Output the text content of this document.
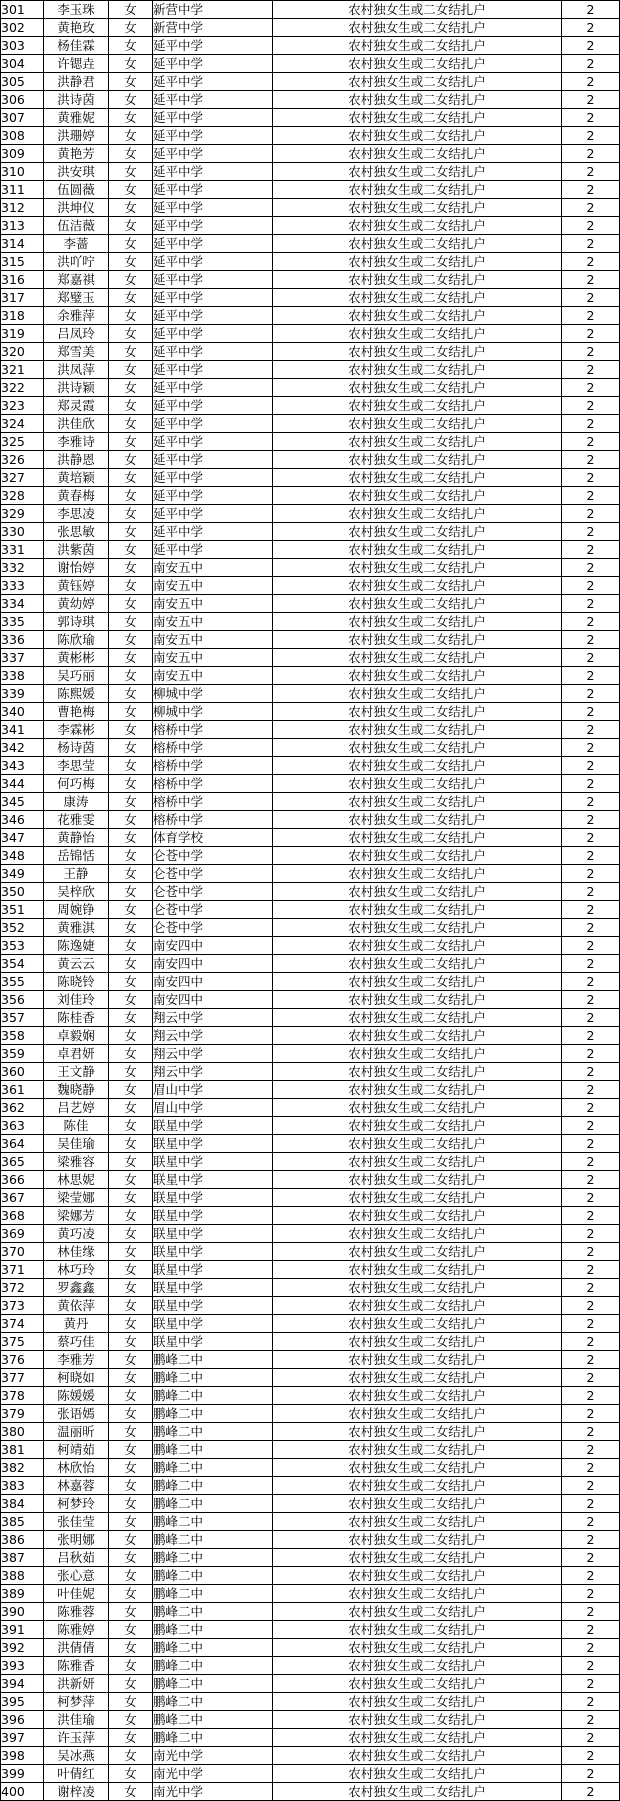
301	李玉珠	女	新营中学	农村独女生或二女结扎户	2
302	黄艳玫	女	新营中学	农村独女生或二女结扎户	2
303	杨佳霖	女	延平中学	农村独女生或二女结扎户	2
304	许锶垚	女	延平中学	农村独女生或二女结扎户	2
305	洪静君	女	延平中学	农村独女生或二女结扎户	2
306	洪诗茵	女	延平中学	农村独女生或二女结扎户	2
307	黄雅妮	女	延平中学	农村独女生或二女结扎户	2
308	洪珊婷	女	延平中学	农村独女生或二女结扎户	2
309	黄艳芳	女	延平中学	农村独女生或二女结扎户	2
310	洪安琪	女	延平中学	农村独女生或二女结扎户	2
311	伍圆薇	女	延平中学	农村独女生或二女结扎户	2
312	洪坤仪	女	延平中学	农村独女生或二女结扎户	2
313	伍洁薇	女	延平中学	农村独女生或二女结扎户	2
314	李蔷	女	延平中学	农村独女生或二女结扎户	2
315	洪吖咛	女	延平中学	农村独女生或二女结扎户	2
316	郑嘉祺	女	延平中学	农村独女生或二女结扎户	2
317	郑璧玉	女	延平中学	农村独女生或二女结扎户	2
318	余雅萍	女	延平中学	农村独女生或二女结扎户	2
319	吕凤玲	女	延平中学	农村独女生或二女结扎户	2
320	郑雪美	女	延平中学	农村独女生或二女结扎户	2
321	洪凤萍	女	延平中学	农村独女生或二女结扎户	2
322	洪诗颖	女	延平中学	农村独女生或二女结扎户	2
323	郑灵霞	女	延平中学	农村独女生或二女结扎户	2
324	洪佳欣	女	延平中学	农村独女生或二女结扎户	2
325	李雅诗	女	延平中学	农村独女生或二女结扎户	2
326	洪静恩	女	延平中学	农村独女生或二女结扎户	2
327	黄培颖	女	延平中学	农村独女生或二女结扎户	2
328	黄春梅	女	延平中学	农村独女生或二女结扎户	2
329	李思凌	女	延平中学	农村独女生或二女结扎户	2
330	张思敏	女	延平中学	农村独女生或二女结扎户	2
331	洪紫茵	女	延平中学	农村独女生或二女结扎户	2
332	谢怡婷	女	南安五中	农村独女生或二女结扎户	2
333	黄钰婷	女	南安五中	农村独女生或二女结扎户	2
334	黄幼婷	女	南安五中	农村独女生或二女结扎户	2
335	郭诗琪	女	南安五中	农村独女生或二女结扎户	2
336	陈欣瑜	女	南安五中	农村独女生或二女结扎户	2
337	黄彬彬	女	南安五中	农村独女生或二女结扎户	2
338	吴巧丽	女	南安五中	农村独女生或二女结扎户	2
339	陈熙媛	女	柳城中学	农村独女生或二女结扎户	2
340	曹艳梅	女	柳城中学	农村独女生或二女结扎户	2
341	李霖彬	女	榕桥中学	农村独女生或二女结扎户	2
342	杨诗茵	女	榕桥中学	农村独女生或二女结扎户	2
343	李思莹	女	榕桥中学	农村独女生或二女结扎户	2
344	何巧梅	女	榕桥中学	农村独女生或二女结扎户	2
345	康涛	女	榕桥中学	农村独女生或二女结扎户	2
346	花雅雯	女	榕桥中学	农村独女生或二女结扎户	2
347	黄静怡	女	体育学校	农村独女生或二女结扎户	2
348	岳锦恬	女	仑苍中学	农村独女生或二女结扎户	2
349	王静	女	仑苍中学	农村独女生或二女结扎户	2
350	吴梓欣	女	仑苍中学	农村独女生或二女结扎户	2
351	周婉铮	女	仑苍中学	农村独女生或二女结扎户	2
352	黄雅淇	女	仑苍中学	农村独女生或二女结扎户	2
353	陈逸婕	女	南安四中	农村独女生或二女结扎户	2
354	黄云云	女	南安四中	农村独女生或二女结扎户	2
355	陈晓铃	女	南安四中	农村独女生或二女结扎户	2
356	刘佳玲	女	南安四中	农村独女生或二女结扎户	2
357	陈桂香	女	翔云中学	农村独女生或二女结扎户	2
358	卓毅娴	女	翔云中学	农村独女生或二女结扎户	2
359	卓君妍	女	翔云中学	农村独女生或二女结扎户	2
360	王文静	女	翔云中学	农村独女生或二女结扎户	2
361	魏晓静	女	眉山中学	农村独女生或二女结扎户	2
362	吕艺婷	女	眉山中学	农村独女生或二女结扎户	2
363	陈佳	女	联星中学	农村独女生或二女结扎户	2
364	吴佳瑜	女	联星中学	农村独女生或二女结扎户	2
365	梁雅容	女	联星中学	农村独女生或二女结扎户	2
366	林思妮	女	联星中学	农村独女生或二女结扎户	2
367	梁莹娜	女	联星中学	农村独女生或二女结扎户	2
368	梁娜芳	女	联星中学	农村独女生或二女结扎户	2
369	黄巧凌	女	联星中学	农村独女生或二女结扎户	2
370	林佳缘	女	联星中学	农村独女生或二女结扎户	2
371	林巧玲	女	联星中学	农村独女生或二女结扎户	2
372	罗鑫鑫	女	联星中学	农村独女生或二女结扎户	2
373	黄依萍	女	联星中学	农村独女生或二女结扎户	2
374	黄丹	女	联星中学	农村独女生或二女结扎户	2
375	蔡巧佳	女	联星中学	农村独女生或二女结扎户	2
376	李雅芳	女	鹏峰二中	农村独女生或二女结扎户	2
377	柯晓如	女	鹏峰二中	农村独女生或二女结扎户	2
378	陈媛媛	女	鹏峰二中	农村独女生或二女结扎户	2
379	张语嫣	女	鹏峰二中	农村独女生或二女结扎户	2
380	温丽昕	女	鹏峰二中	农村独女生或二女结扎户	2
381	柯靖茹	女	鹏峰二中	农村独女生或二女结扎户	2
382	林欣怡	女	鹏峰二中	农村独女生或二女结扎户	2
383	林嘉蓉	女	鹏峰二中	农村独女生或二女结扎户	2
384	柯梦玲	女	鹏峰二中	农村独女生或二女结扎户	2
385	张佳莹	女	鹏峰二中	农村独女生或二女结扎户	2
386	张明娜	女	鹏峰二中	农村独女生或二女结扎户	2
387	吕秋茹	女	鹏峰二中	农村独女生或二女结扎户	2
388	张心意	女	鹏峰二中	农村独女生或二女结扎户	2
389	叶佳妮	女	鹏峰二中	农村独女生或二女结扎户	2
390	陈雅蓉	女	鹏峰二中	农村独女生或二女结扎户	2
391	陈雅婷	女	鹏峰二中	农村独女生或二女结扎户	2
392	洪倩倩	女	鹏峰二中	农村独女生或二女结扎户	2
393	陈雅香	女	鹏峰二中	农村独女生或二女结扎户	2
394	洪新妍	女	鹏峰二中	农村独女生或二女结扎户	2
395	柯梦萍	女	鹏峰二中	农村独女生或二女结扎户	2
396	洪佳瑜	女	鹏峰二中	农村独女生或二女结扎户	2
397	许玉萍	女	鹏峰二中	农村独女生或二女结扎户	2
398	吴冰燕	女	南光中学	农村独女生或二女结扎户	2
399	叶倩红	女	南光中学	农村独女生或二女结扎户	2
400	谢梓凌	女	南光中学	农村独女生或二女结扎户	2
